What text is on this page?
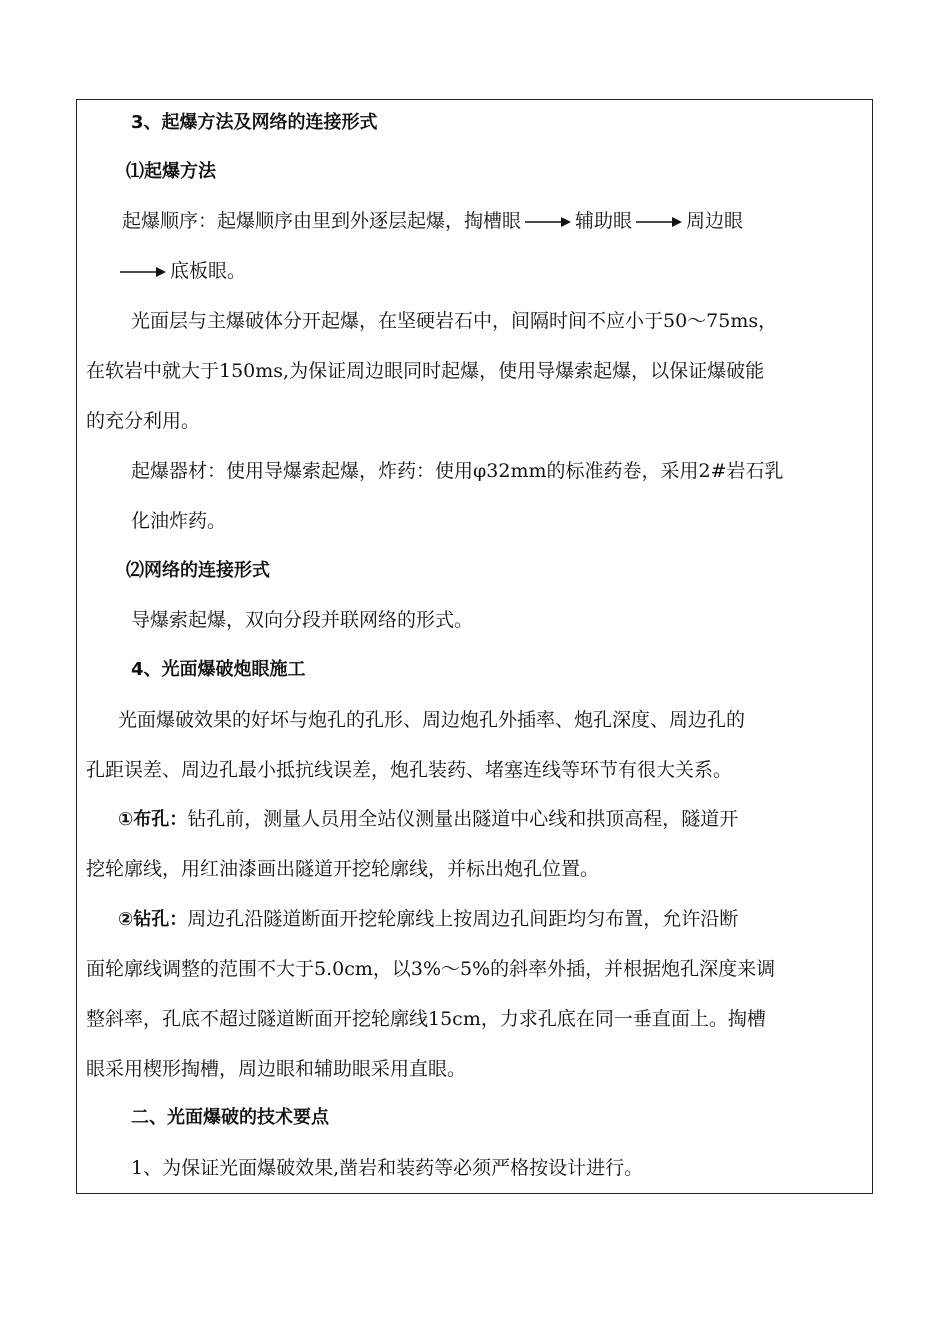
3、起爆方法及网络的连接形式
⑴起爆方法
起爆顺序：起爆顺序由里到外逐层起爆，掏槽眼	辅助眼	周边眼
底板眼。
光面层与主爆破体分开起爆，在坚硬岩石中，间隔时间不应小于50～75ms，
在软岩中就大于150ms,为保证周边眼同时起爆，使用导爆索起爆，以保证爆破能
的充分利用。
起爆器材：使用导爆索起爆，炸药：使用φ32mm的标准药卷，采用2#岩石乳
化油炸药。
⑵网络的连接形式
导爆索起爆，双向分段并联网络的形式。
4、光面爆破炮眼施工
光面爆破效果的好坏与炮孔的孔形、周边炮孔外插率、炮孔深度、周边孔的
孔距误差、周边孔最小抵抗线误差，炮孔装药、堵塞连线等环节有很大关系。
①布孔：钻孔前，测量人员用全站仪测量出隧道中心线和拱顶高程，隧道开
挖轮廓线，用红油漆画出隧道开挖轮廓线，并标出炮孔位置。
②钻孔：周边孔沿隧道断面开挖轮廓线上按周边孔间距均匀布置，允许沿断
面轮廓线调整的范围不大于5.0cm，以3%～5%的斜率外插，并根据炮孔深度来调
整斜率，孔底不超过隧道断面开挖轮廓线15cm，力求孔底在同一垂直面上。掏槽
眼采用楔形掏槽，周边眼和辅助眼采用直眼。
二、光面爆破的技术要点
1、为保证光面爆破效果,凿岩和装药等必须严格按设计进行。
